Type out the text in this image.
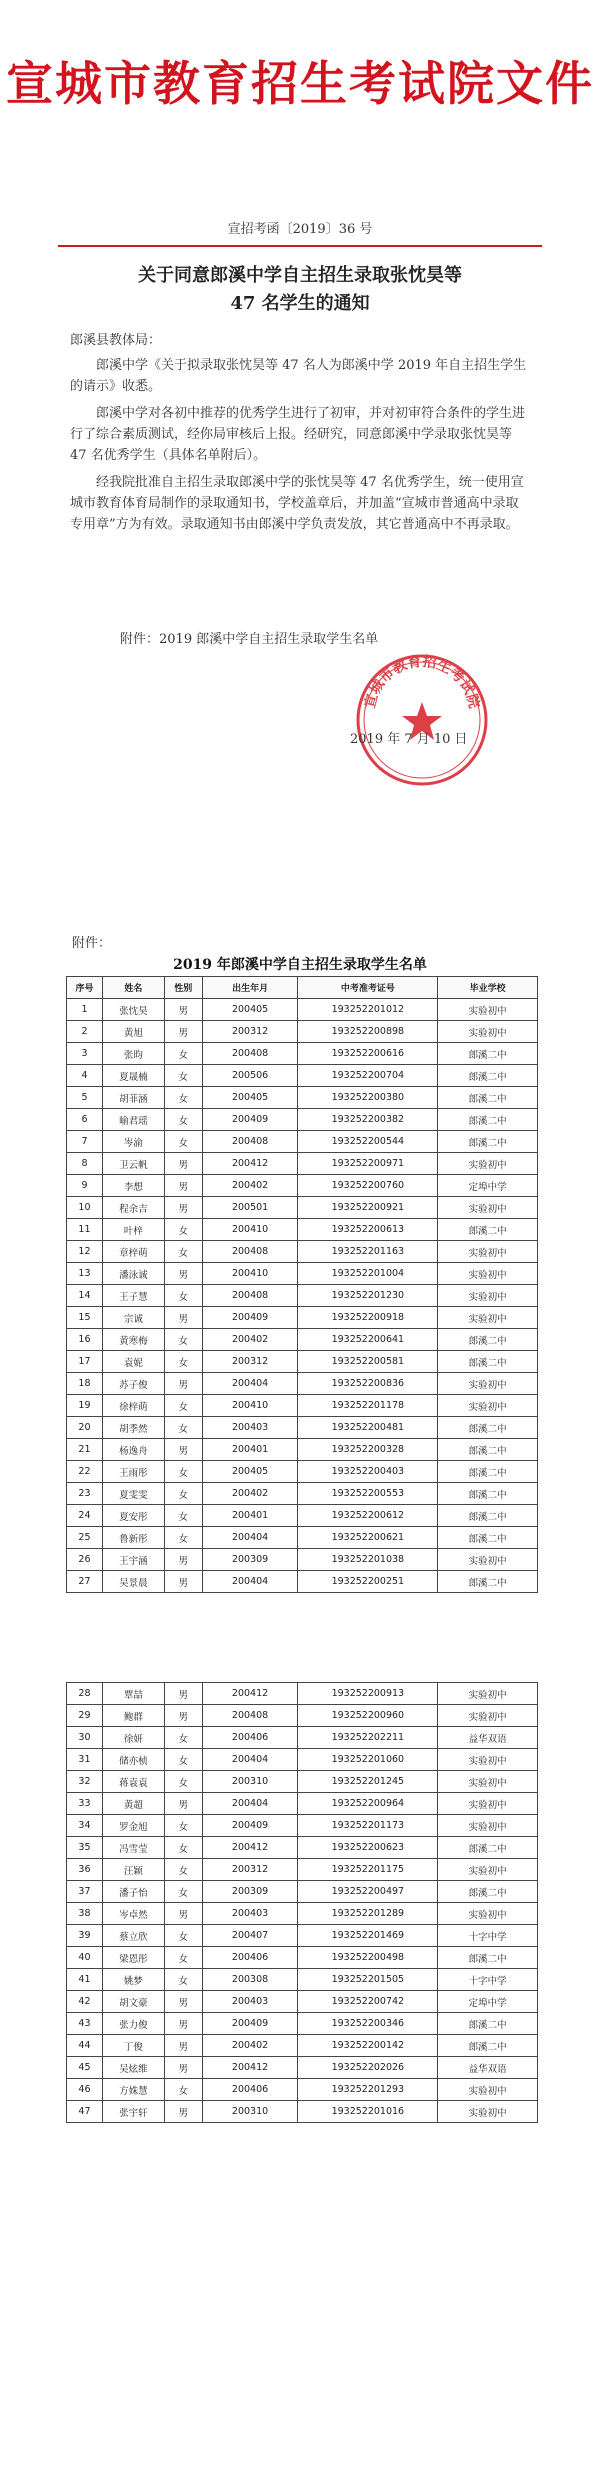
宣城市教育招生考试院文件
宣招考函〔2019〕36 号
关于同意郎溪中学自主招生录取张忱昊等
47 名学生的通知

郎溪县教体局：

郎溪中学《关于拟录取张忱昊等 47 名人为郎溪中学 2019 年自主招生学生的请示》收悉。

郎溪中学对各初中推荐的优秀学生进行了初审，并对初审符合条件的学生进行了综合素质测试，经你局审核后上报。经研究，同意郎溪中学录取张忱昊等 47 名优秀学生（具体名单附后）。

经我院批准自主招生录取郎溪中学的张忱昊等 47 名优秀学生，统一使用宣城市教育体育局制作的录取通知书，学校盖章后，并加盖“宣城市普通高中录取专用章”方为有效。录取通知书由郎溪中学负责发放，其它普通高中不再录取。

附件：2019 郎溪中学自主招生录取学生名单
宣城市教育招生考试院
2019 年 7 月 10 日
附件：
2019 年郎溪中学自主招生录取学生名单
序号	姓名	性别	出生年月	中考准考证号	毕业学校
1	张忱昊	男	200405	193252201012	实验初中
2	黄旭	男	200312	193252200898	实验初中
3	张昀	女	200408	193252200616	郎溪二中
4	夏晟楠	女	200506	193252200704	郎溪二中
5	胡菲涵	女	200405	193252200380	郎溪二中
6	喻君瑶	女	200409	193252200382	郎溪二中
7	岑渝	女	200408	193252200544	郎溪二中
8	卫云帆	男	200412	193252200971	实验初中
9	李想	男	200402	193252200760	定埠中学
10	程余吉	男	200501	193252200921	实验初中
11	叶梓	女	200410	193252200613	郎溪二中
12	章梓萌	女	200408	193252201163	实验初中
13	潘泳诚	男	200410	193252201004	实验初中
14	王子慧	女	200408	193252201230	实验初中
15	宗诚	男	200409	193252200918	实验初中
16	黄寒梅	女	200402	193252200641	郎溪二中
17	袁妮	女	200312	193252200581	郎溪二中
18	苏子俊	男	200404	193252200836	实验初中
19	徐梓萌	女	200410	193252201178	实验初中
20	胡季然	女	200403	193252200481	郎溪二中
21	杨逸舟	男	200401	193252200328	郎溪二中
22	王雨彤	女	200405	193252200403	郎溪二中
23	夏雯雯	女	200402	193252200553	郎溪二中
24	夏安彤	女	200401	193252200612	郎溪二中
25	鲁新彤	女	200404	193252200621	郎溪二中
26	王宇涵	男	200309	193252201038	实验初中
27	吴景晨	男	200404	193252200251	郎溪二中
28	覃喆	男	200412	193252200913	实验初中
29	鲍群	男	200408	193252200960	实验初中
30	徐妍	女	200406	193252202211	益华双语
31	储亦桢	女	200404	193252201060	实验初中
32	蒋袁袁	女	200310	193252201245	实验初中
33	黄超	男	200404	193252200964	实验初中
34	罗金旭	女	200409	193252201173	实验初中
35	冯雪莹	女	200412	193252200623	郎溪二中
36	汪颖	女	200312	193252201175	实验初中
37	潘子怡	女	200309	193252200497	郎溪二中
38	岑卓然	男	200403	193252201289	实验初中
39	蔡立欣	女	200407	193252201469	十字中学
40	梁恩彤	女	200406	193252200498	郎溪二中
41	姚梦	女	200308	193252201505	十字中学
42	胡文豪	男	200403	193252200742	定埠中学
43	张力俊	男	200409	193252200346	郎溪二中
44	丁俊	男	200402	193252200142	郎溪二中
45	吴炫维	男	200412	193252202026	益华双语
46	方姝慧	女	200406	193252201293	实验初中
47	张宇轩	男	200310	193252201016	实验初中
